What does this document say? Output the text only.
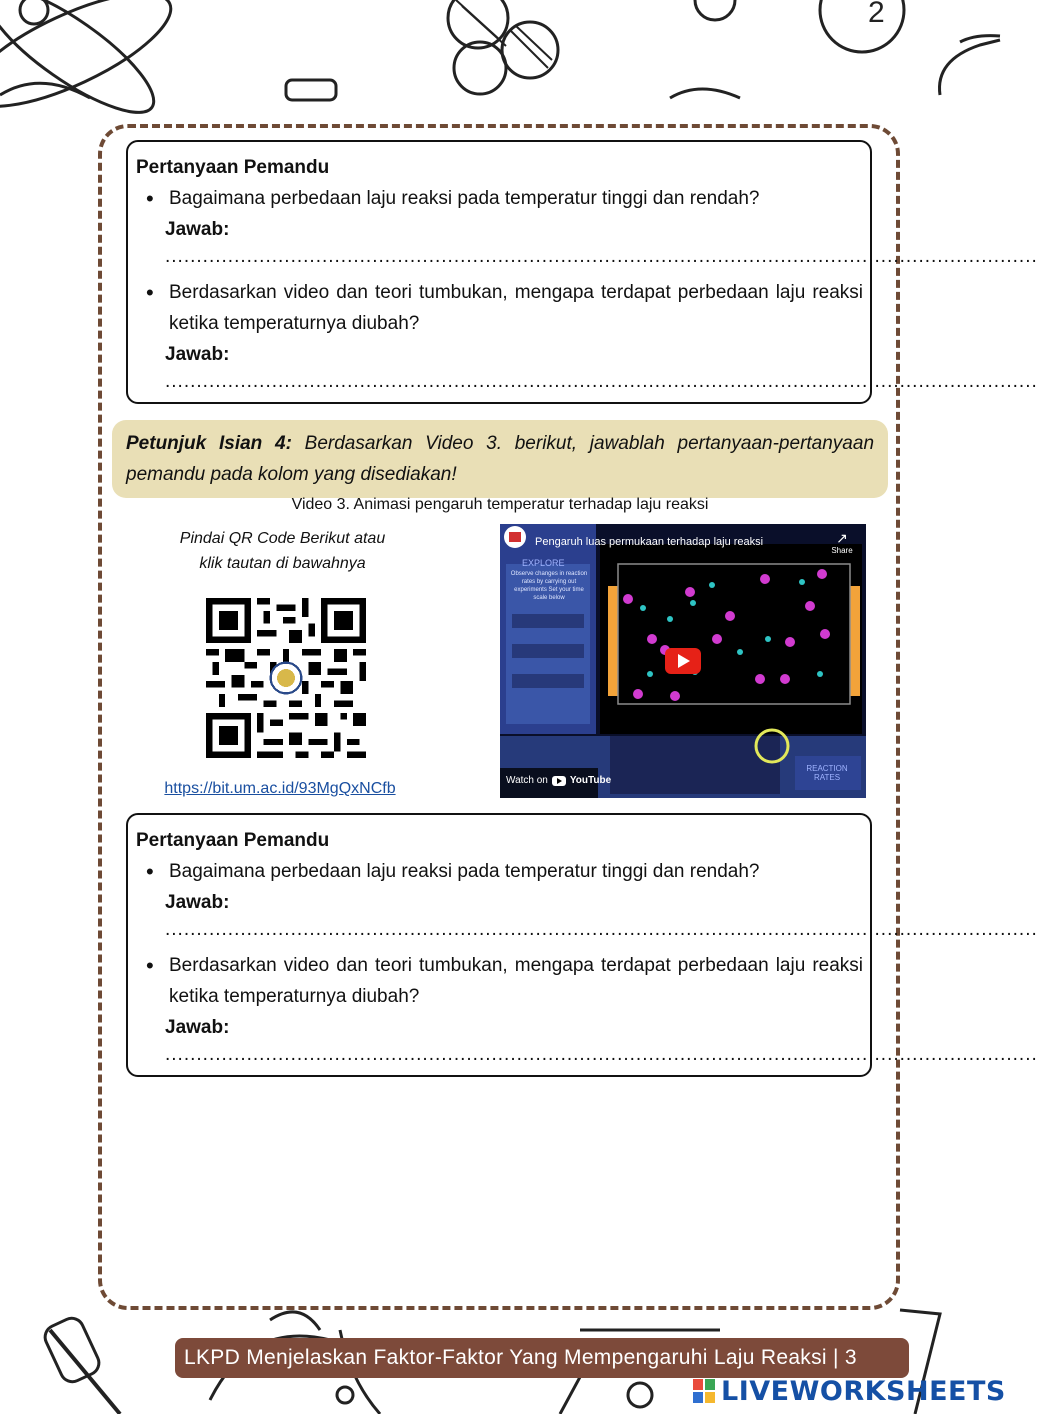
2
Pertanyaan Pemandu
• Bagaimana perbedaan laju reaksi pada temperatur tinggi dan rendah?
Jawab:
...........................................................................................................................................
• Berdasarkan video dan teori tumbukan, mengapa terdapat perbedaan laju reaksi ketika temperaturnya diubah?
Jawab:
...........................................................................................................................................
Petunjuk Isian 4: Berdasarkan Video 3. berikut, jawablah pertanyaan-pertanyaan pemandu pada kolom yang disediakan!
Video 3. Animasi pengaruh temperatur terhadap laju reaksi
Pindai QR Code Berikut atau
klik tautan di bawahnya
https://bit.um.ac.id/93MgQxNCfb
Pengaruh luas permukaan terhadap laju reaksi	↗
Share
EXPLORE
Observe changes in reaction rates by carrying out experiments Set your time scale below
REACTION RATES
Watch on YouTube
Pertanyaan Pemandu
• Bagaimana perbedaan laju reaksi pada temperatur tinggi dan rendah?
Jawab:
...........................................................................................................................................
• Berdasarkan video dan teori tumbukan, mengapa terdapat perbedaan laju reaksi ketika temperaturnya diubah?
Jawab:
...........................................................................................................................................
LKPD Menjelaskan Faktor-Faktor Yang Mempengaruhi Laju Reaksi | 3
LIVEWORKSHEETS
